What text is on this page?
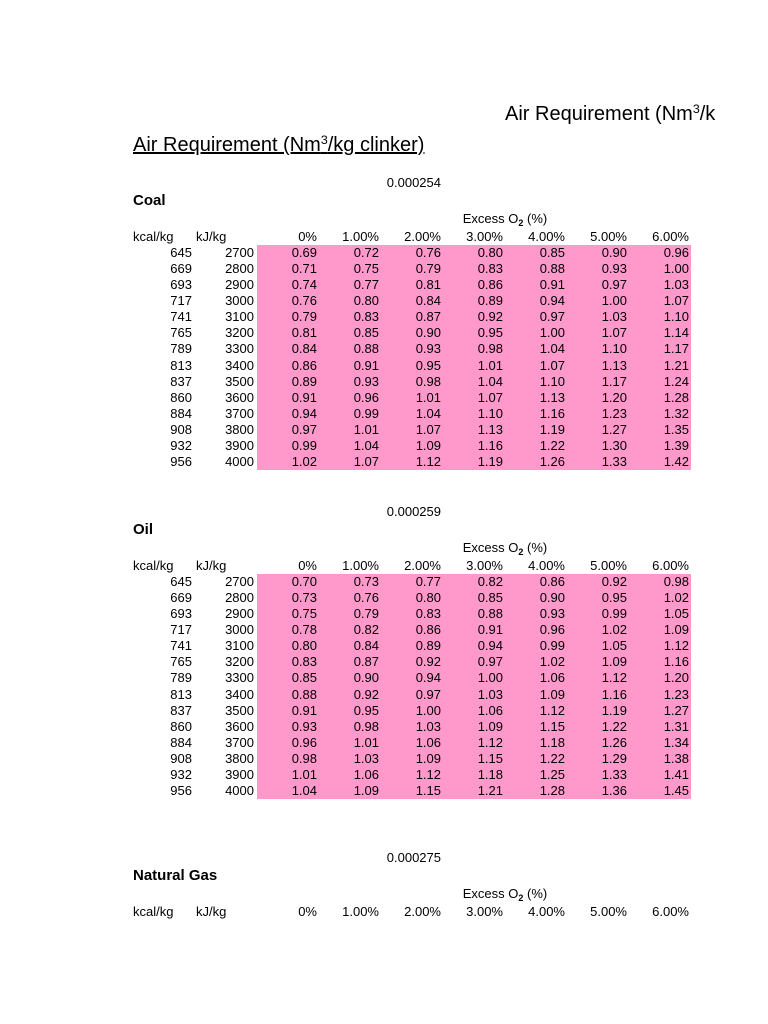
Air Requirement (Nm$^3$/k
Air Requirement (Nm$^3$/kg clinker)
0.000254
Coal
Excess $O_2$ (%)
kcal/kg	kJ/kg	0%	1.00%	2.00%	3.00%	4.00%	5.00%	6.00%
645	2700	0.69	0.72	0.76	0.80	0.85	0.90	0.96
669	2800	0.71	0.75	0.79	0.83	0.88	0.93	1.00
693	2900	0.74	0.77	0.81	0.86	0.91	0.97	1.03
717	3000	0.76	0.80	0.84	0.89	0.94	1.00	1.07
741	3100	0.79	0.83	0.87	0.92	0.97	1.03	1.10
765	3200	0.81	0.85	0.90	0.95	1.00	1.07	1.14
789	3300	0.84	0.88	0.93	0.98	1.04	1.10	1.17
813	3400	0.86	0.91	0.95	1.01	1.07	1.13	1.21
837	3500	0.89	0.93	0.98	1.04	1.10	1.17	1.24
860	3600	0.91	0.96	1.01	1.07	1.13	1.20	1.28
884	3700	0.94	0.99	1.04	1.10	1.16	1.23	1.32
908	3800	0.97	1.01	1.07	1.13	1.19	1.27	1.35
932	3900	0.99	1.04	1.09	1.16	1.22	1.30	1.39
956	4000	1.02	1.07	1.12	1.19	1.26	1.33	1.42
0.000259
Oil
Excess $O_2$ (%)
kcal/kg	kJ/kg	0%	1.00%	2.00%	3.00%	4.00%	5.00%	6.00%
645	2700	0.70	0.73	0.77	0.82	0.86	0.92	0.98
669	2800	0.73	0.76	0.80	0.85	0.90	0.95	1.02
693	2900	0.75	0.79	0.83	0.88	0.93	0.99	1.05
717	3000	0.78	0.82	0.86	0.91	0.96	1.02	1.09
741	3100	0.80	0.84	0.89	0.94	0.99	1.05	1.12
765	3200	0.83	0.87	0.92	0.97	1.02	1.09	1.16
789	3300	0.85	0.90	0.94	1.00	1.06	1.12	1.20
813	3400	0.88	0.92	0.97	1.03	1.09	1.16	1.23
837	3500	0.91	0.95	1.00	1.06	1.12	1.19	1.27
860	3600	0.93	0.98	1.03	1.09	1.15	1.22	1.31
884	3700	0.96	1.01	1.06	1.12	1.18	1.26	1.34
908	3800	0.98	1.03	1.09	1.15	1.22	1.29	1.38
932	3900	1.01	1.06	1.12	1.18	1.25	1.33	1.41
956	4000	1.04	1.09	1.15	1.21	1.28	1.36	1.45
0.000275
Natural Gas
Excess $O_2$ (%)
kcal/kg	kJ/kg	0%	1.00%	2.00%	3.00%	4.00%	5.00%	6.00%
